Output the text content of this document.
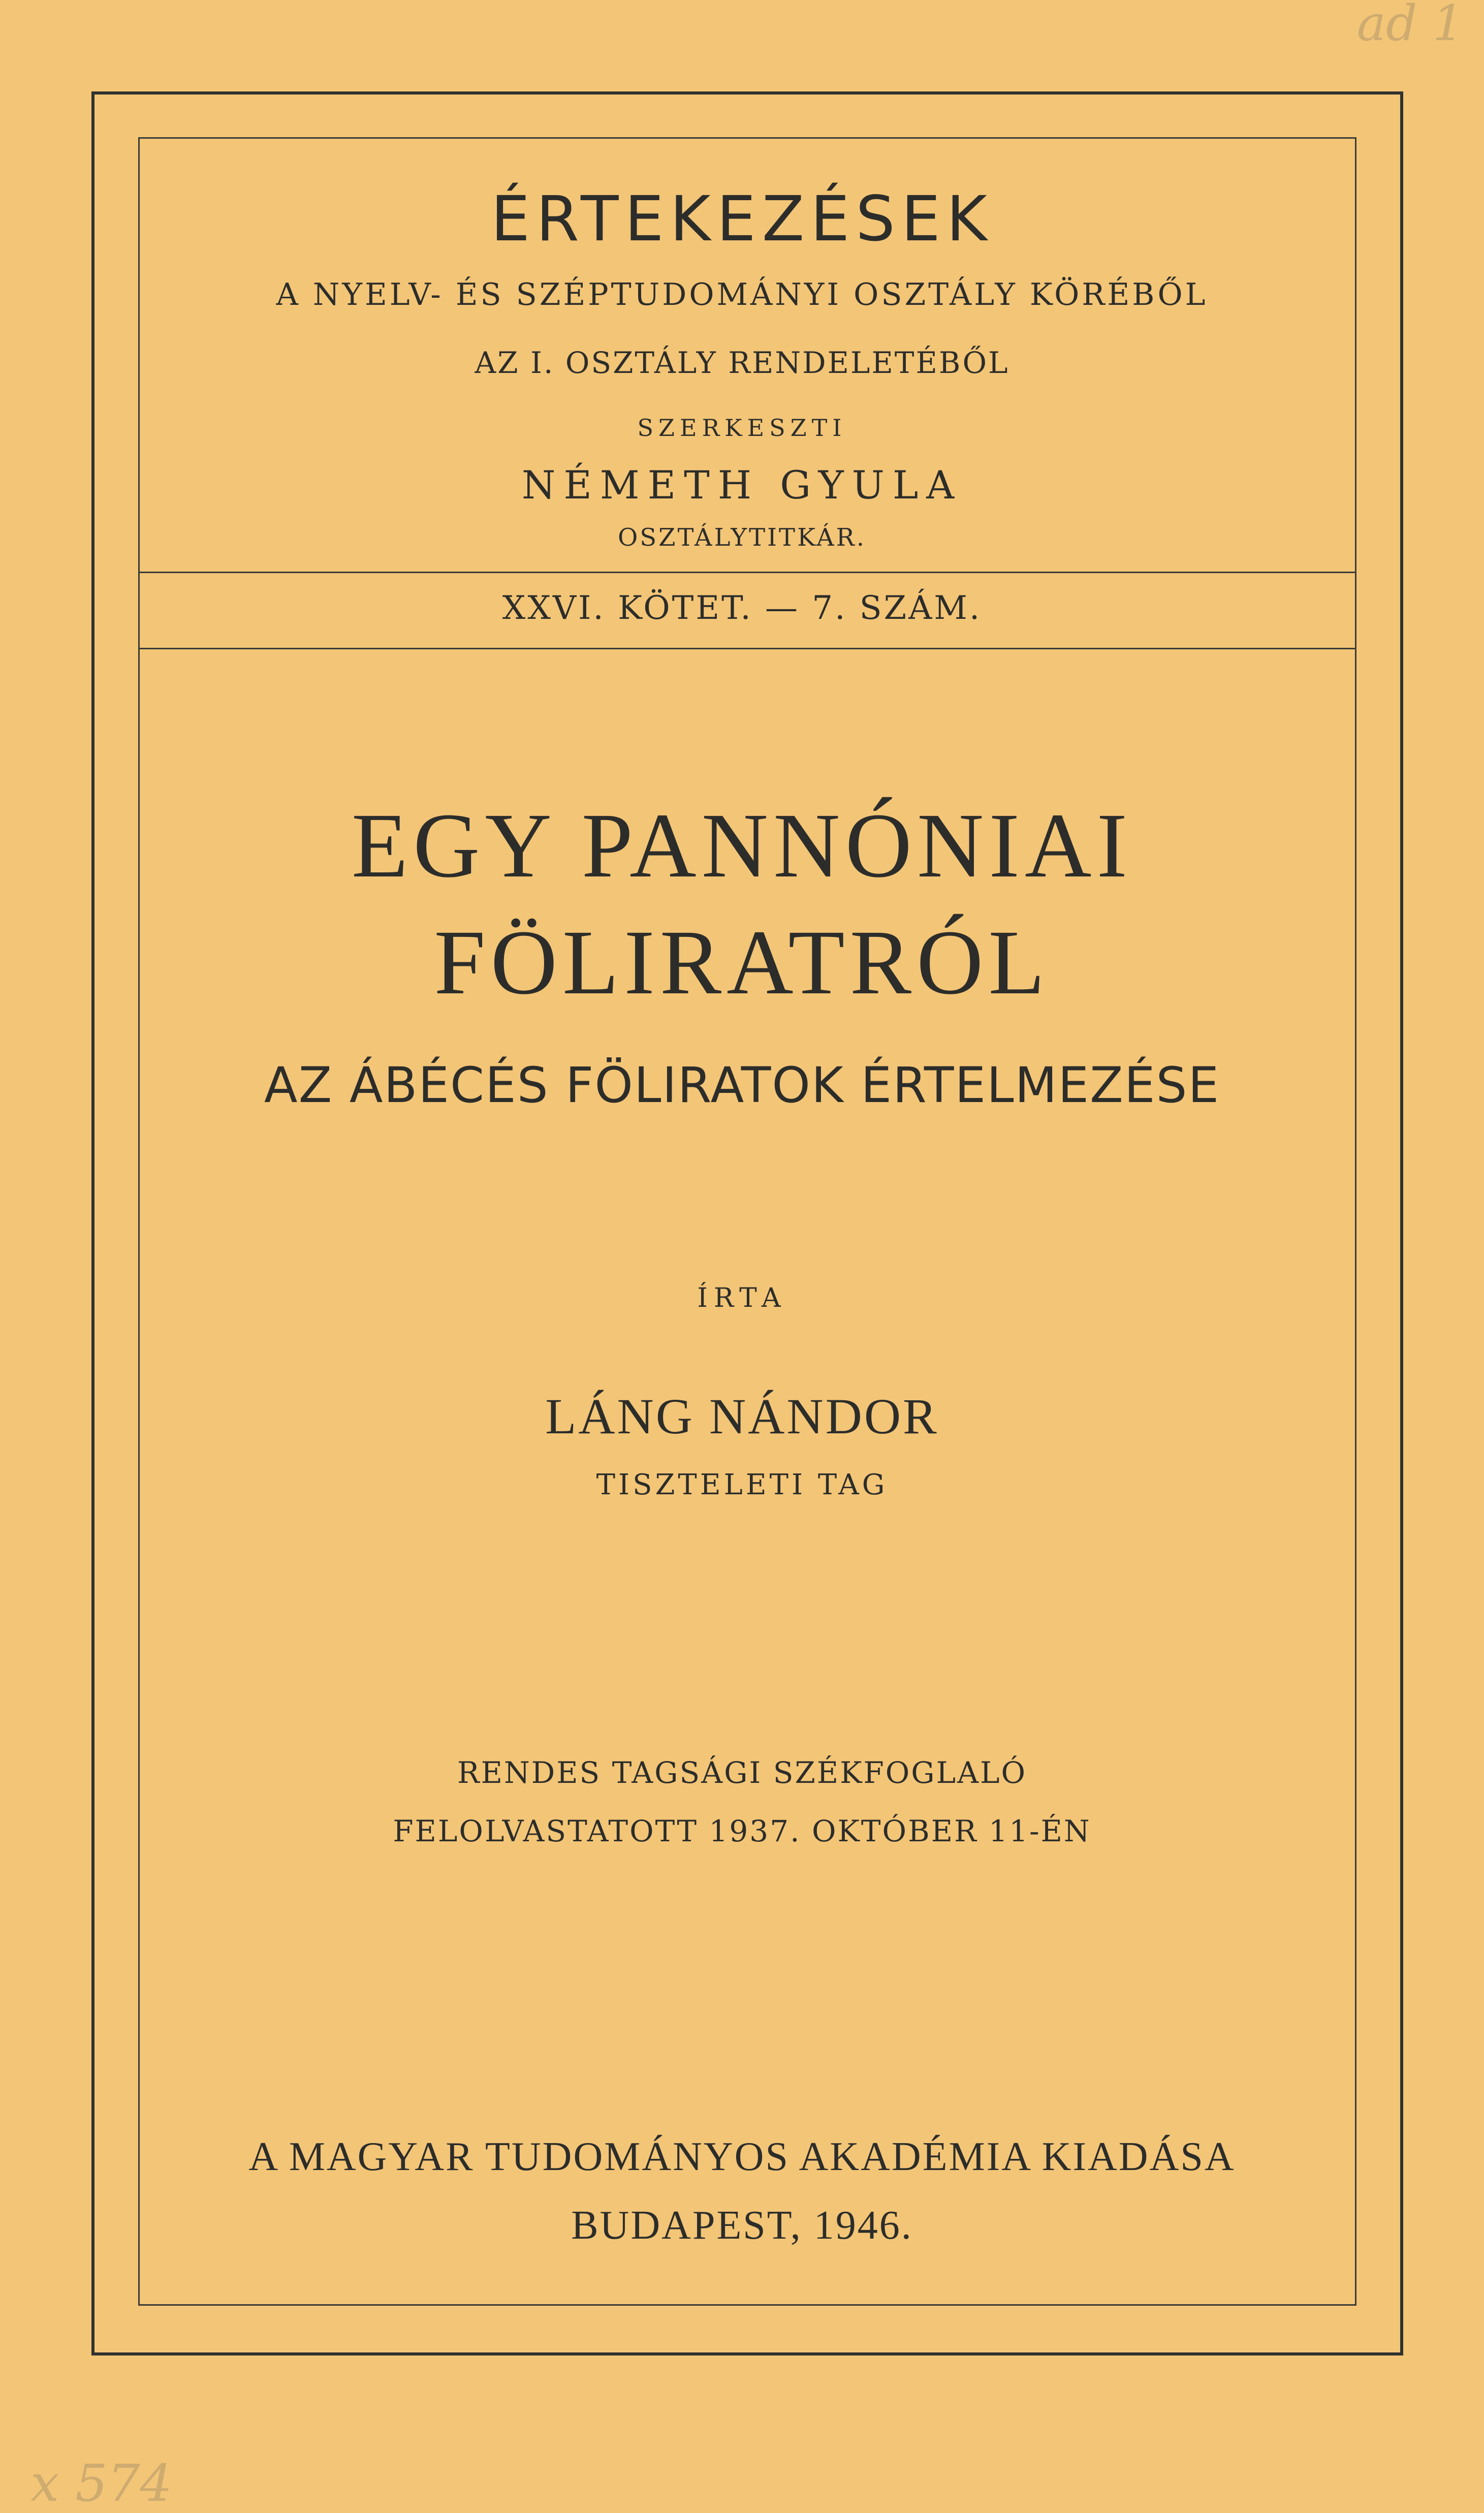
ad 1
ÉRTEKEZÉSEK
A NYELV- ÉS SZÉPTUDOMÁNYI OSZTÁLY KÖRÉBŐL
AZ I. OSZTÁLY RENDELETÉBŐL
SZERKESZTI
NÉMETH GYULA
OSZTÁLYTITKÁR.
XXVI. KÖTET. — 7. SZÁM.
EGY PANNÓNIAI
FÖLIRATRÓL
AZ ÁBÉCÉS FÖLIRATOK ÉRTELMEZÉSE
ÍRTA
LÁNG NÁNDOR
TISZTELETI TAG
RENDES TAGSÁGI SZÉKFOGLALÓ
FELOLVASTATOTT 1937. OKTÓBER 11-ÉN
A MAGYAR TUDOMÁNYOS AKADÉMIA KIADÁSA
BUDAPEST, 1946.
x 574
